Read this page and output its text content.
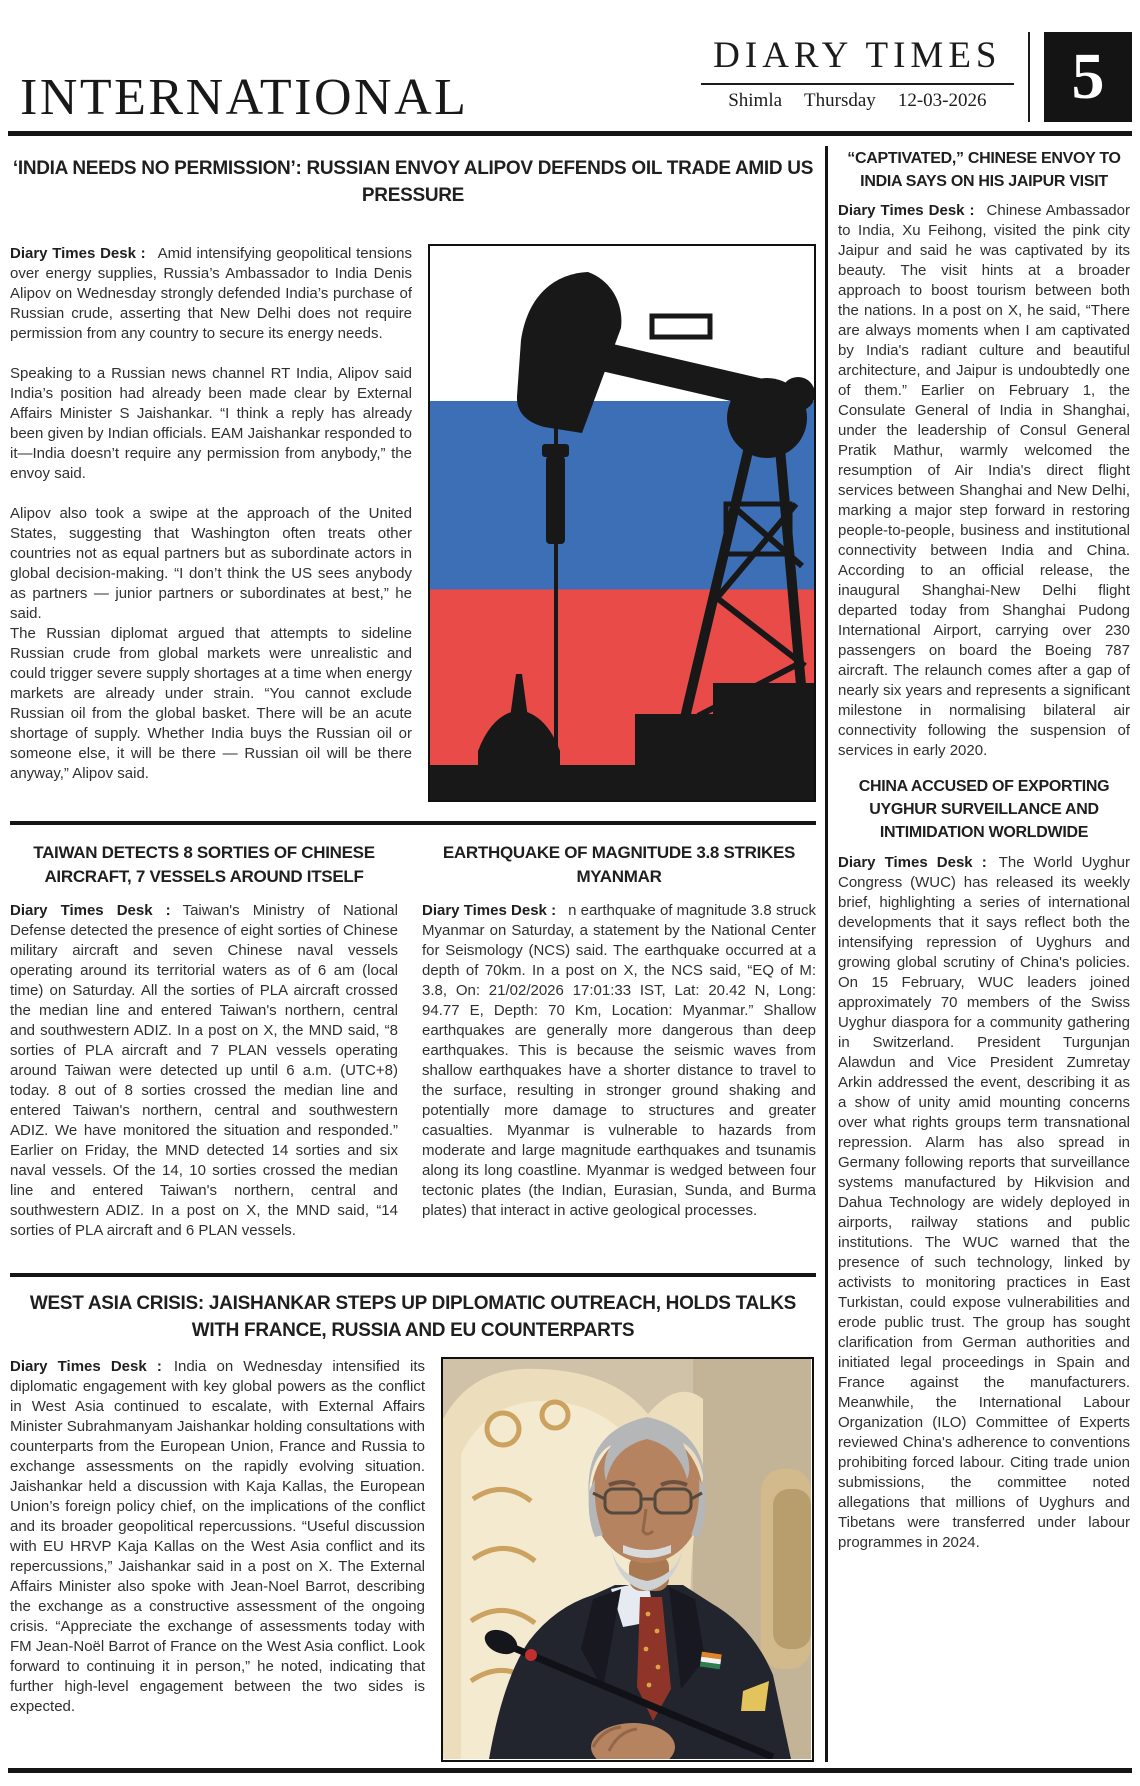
INTERNATIONAL
DIARY TIMES
Shimla Thursday 12-03-2026	5
‘INDIA NEEDS NO PERMISSION’: RUSSIAN ENVOY ALIPOV DEFENDS OIL TRADE AMID US PRESSURE

Diary Times Desk : Amid intensifying geopolitical tensions over energy supplies, Russia’s Ambassador to India Denis Alipov on Wednesday strongly defended India’s purchase of Russian crude, asserting that New Delhi does not require permission from any country to secure its energy needs.

Speaking to a Russian news channel RT India, Alipov said India’s position had already been made clear by External Affairs Minister S Jaishankar. “I think a reply has already been given by Indian officials. EAM Jaishankar responded to it—India doesn’t require any permission from anybody,” the envoy said.

Alipov also took a swipe at the approach of the United States, suggesting that Washington often treats other countries not as equal partners but as subordinate actors in global decision-making. “I don’t think the US sees anybody as partners — junior partners or subordinates at best,” he said.

The Russian diplomat argued that attempts to sideline Russian crude from global markets were unrealistic and could trigger severe supply shortages at a time when energy markets are already under strain. “You cannot exclude Russian oil from the global basket. There will be an acute shortage of supply. Whether India buys the Russian oil or someone else, it will be there — Russian oil will be there anyway,” Alipov said.

TAIWAN DETECTS 8 SORTIES OF CHINESE AIRCRAFT, 7 VESSELS AROUND ITSELF

Diary Times Desk : Taiwan's Ministry of National Defense detected the presence of eight sorties of Chinese military aircraft and seven Chinese naval vessels operating around its territorial waters as of 6 am (local time) on Saturday. All the sorties of PLA aircraft crossed the median line and entered Taiwan's northern, central and southwestern ADIZ. In a post on X, the MND said, “8 sorties of PLA aircraft and 7 PLAN vessels operating around Taiwan were detected up until 6 a.m. (UTC+8) today. 8 out of 8 sorties crossed the median line and entered Taiwan's northern, central and southwestern ADIZ. We have monitored the situation and responded.” Earlier on Friday, the MND detected 14 sorties and six naval vessels. Of the 14, 10 sorties crossed the median line and entered Taiwan's northern, central and southwestern ADIZ. In a post on X, the MND said, “14 sorties of PLA aircraft and 6 PLAN vessels.

EARTHQUAKE OF MAGNITUDE 3.8 STRIKES MYANMAR

Diary Times Desk : n earthquake of magnitude 3.8 struck Myanmar on Saturday, a statement by the National Center for Seismology (NCS) said. The earthquake occurred at a depth of 70km. In a post on X, the NCS said, “EQ of M: 3.8, On: 21/02/2026 17:01:33 IST, Lat: 20.42 N, Long: 94.77 E, Depth: 70 Km, Location: Myanmar.” Shallow earthquakes are generally more dangerous than deep earthquakes. This is because the seismic waves from shallow earthquakes have a shorter distance to travel to the surface, resulting in stronger ground shaking and potentially more damage to structures and greater casualties. Myanmar is vulnerable to hazards from moderate and large magnitude earthquakes and tsunamis along its long coastline. Myanmar is wedged between four tectonic plates (the Indian, Eurasian, Sunda, and Burma plates) that interact in active geological processes.

WEST ASIA CRISIS: JAISHANKAR STEPS UP DIPLOMATIC OUTREACH, HOLDS TALKS WITH FRANCE, RUSSIA AND EU COUNTERPARTS

Diary Times Desk : India on Wednesday intensified its diplomatic engagement with key global powers as the conflict in West Asia continued to escalate, with External Affairs Minister Subrahmanyam Jaishankar holding consultations with counterparts from the European Union, France and Russia to exchange assessments on the rapidly evolving situation. Jaishankar held a discussion with Kaja Kallas, the European Union’s foreign policy chief, on the implications of the conflict and its broader geopolitical repercussions. “Useful discussion with EU HRVP Kaja Kallas on the West Asia conflict and its repercussions,” Jaishankar said in a post on X. The External Affairs Minister also spoke with Jean-Noel Barrot, describing the exchange as a constructive assessment of the ongoing crisis. “Appreciate the exchange of assessments today with FM Jean-Noël Barrot of France on the West Asia conflict. Look forward to continuing it in person,” he noted, indicating that further high-level engagement between the two sides is expected.

“CAPTIVATED,” CHINESE ENVOY TO INDIA SAYS ON HIS JAIPUR VISIT

Diary Times Desk : Chinese Ambassador to India, Xu Feihong, visited the pink city Jaipur and said he was captivated by its beauty. The visit hints at a broader approach to boost tourism between both the nations. In a post on X, he said, “There are always moments when I am captivated by India's radiant culture and beautiful architecture, and Jaipur is undoubtedly one of them.” Earlier on February 1, the Consulate General of India in Shanghai, under the leadership of Consul General Pratik Mathur, warmly welcomed the resumption of Air India's direct flight services between Shanghai and New Delhi, marking a major step forward in restoring people-to-people, business and institutional connectivity between India and China. According to an official release, the inaugural Shanghai-New Delhi flight departed today from Shanghai Pudong International Airport, carrying over 230 passengers on board the Boeing 787 aircraft. The relaunch comes after a gap of nearly six years and represents a significant milestone in normalising bilateral air connectivity following the suspension of services in early 2020.

CHINA ACCUSED OF EXPORTING UYGHUR SURVEILLANCE AND INTIMIDATION WORLDWIDE

Diary Times Desk : The World Uyghur Congress (WUC) has released its weekly brief, highlighting a series of international developments that it says reflect both the intensifying repression of Uyghurs and growing global scrutiny of China's policies. On 15 February, WUC leaders joined approximately 70 members of the Swiss Uyghur diaspora for a community gathering in Switzerland. President Turgunjan Alawdun and Vice President Zumretay Arkin addressed the event, describing it as a show of unity amid mounting concerns over what rights groups term transnational repression. Alarm has also spread in Germany following reports that surveillance systems manufactured by Hikvision and Dahua Technology are widely deployed in airports, railway stations and public institutions. The WUC warned that the presence of such technology, linked by activists to monitoring practices in East Turkistan, could expose vulnerabilities and erode public trust. The group has sought clarification from German authorities and initiated legal proceedings in Spain and France against the manufacturers. Meanwhile, the International Labour Organization (ILO) Committee of Experts reviewed China's adherence to conventions prohibiting forced labour. Citing trade union submissions, the committee noted allegations that millions of Uyghurs and Tibetans were transferred under labour programmes in 2024.
